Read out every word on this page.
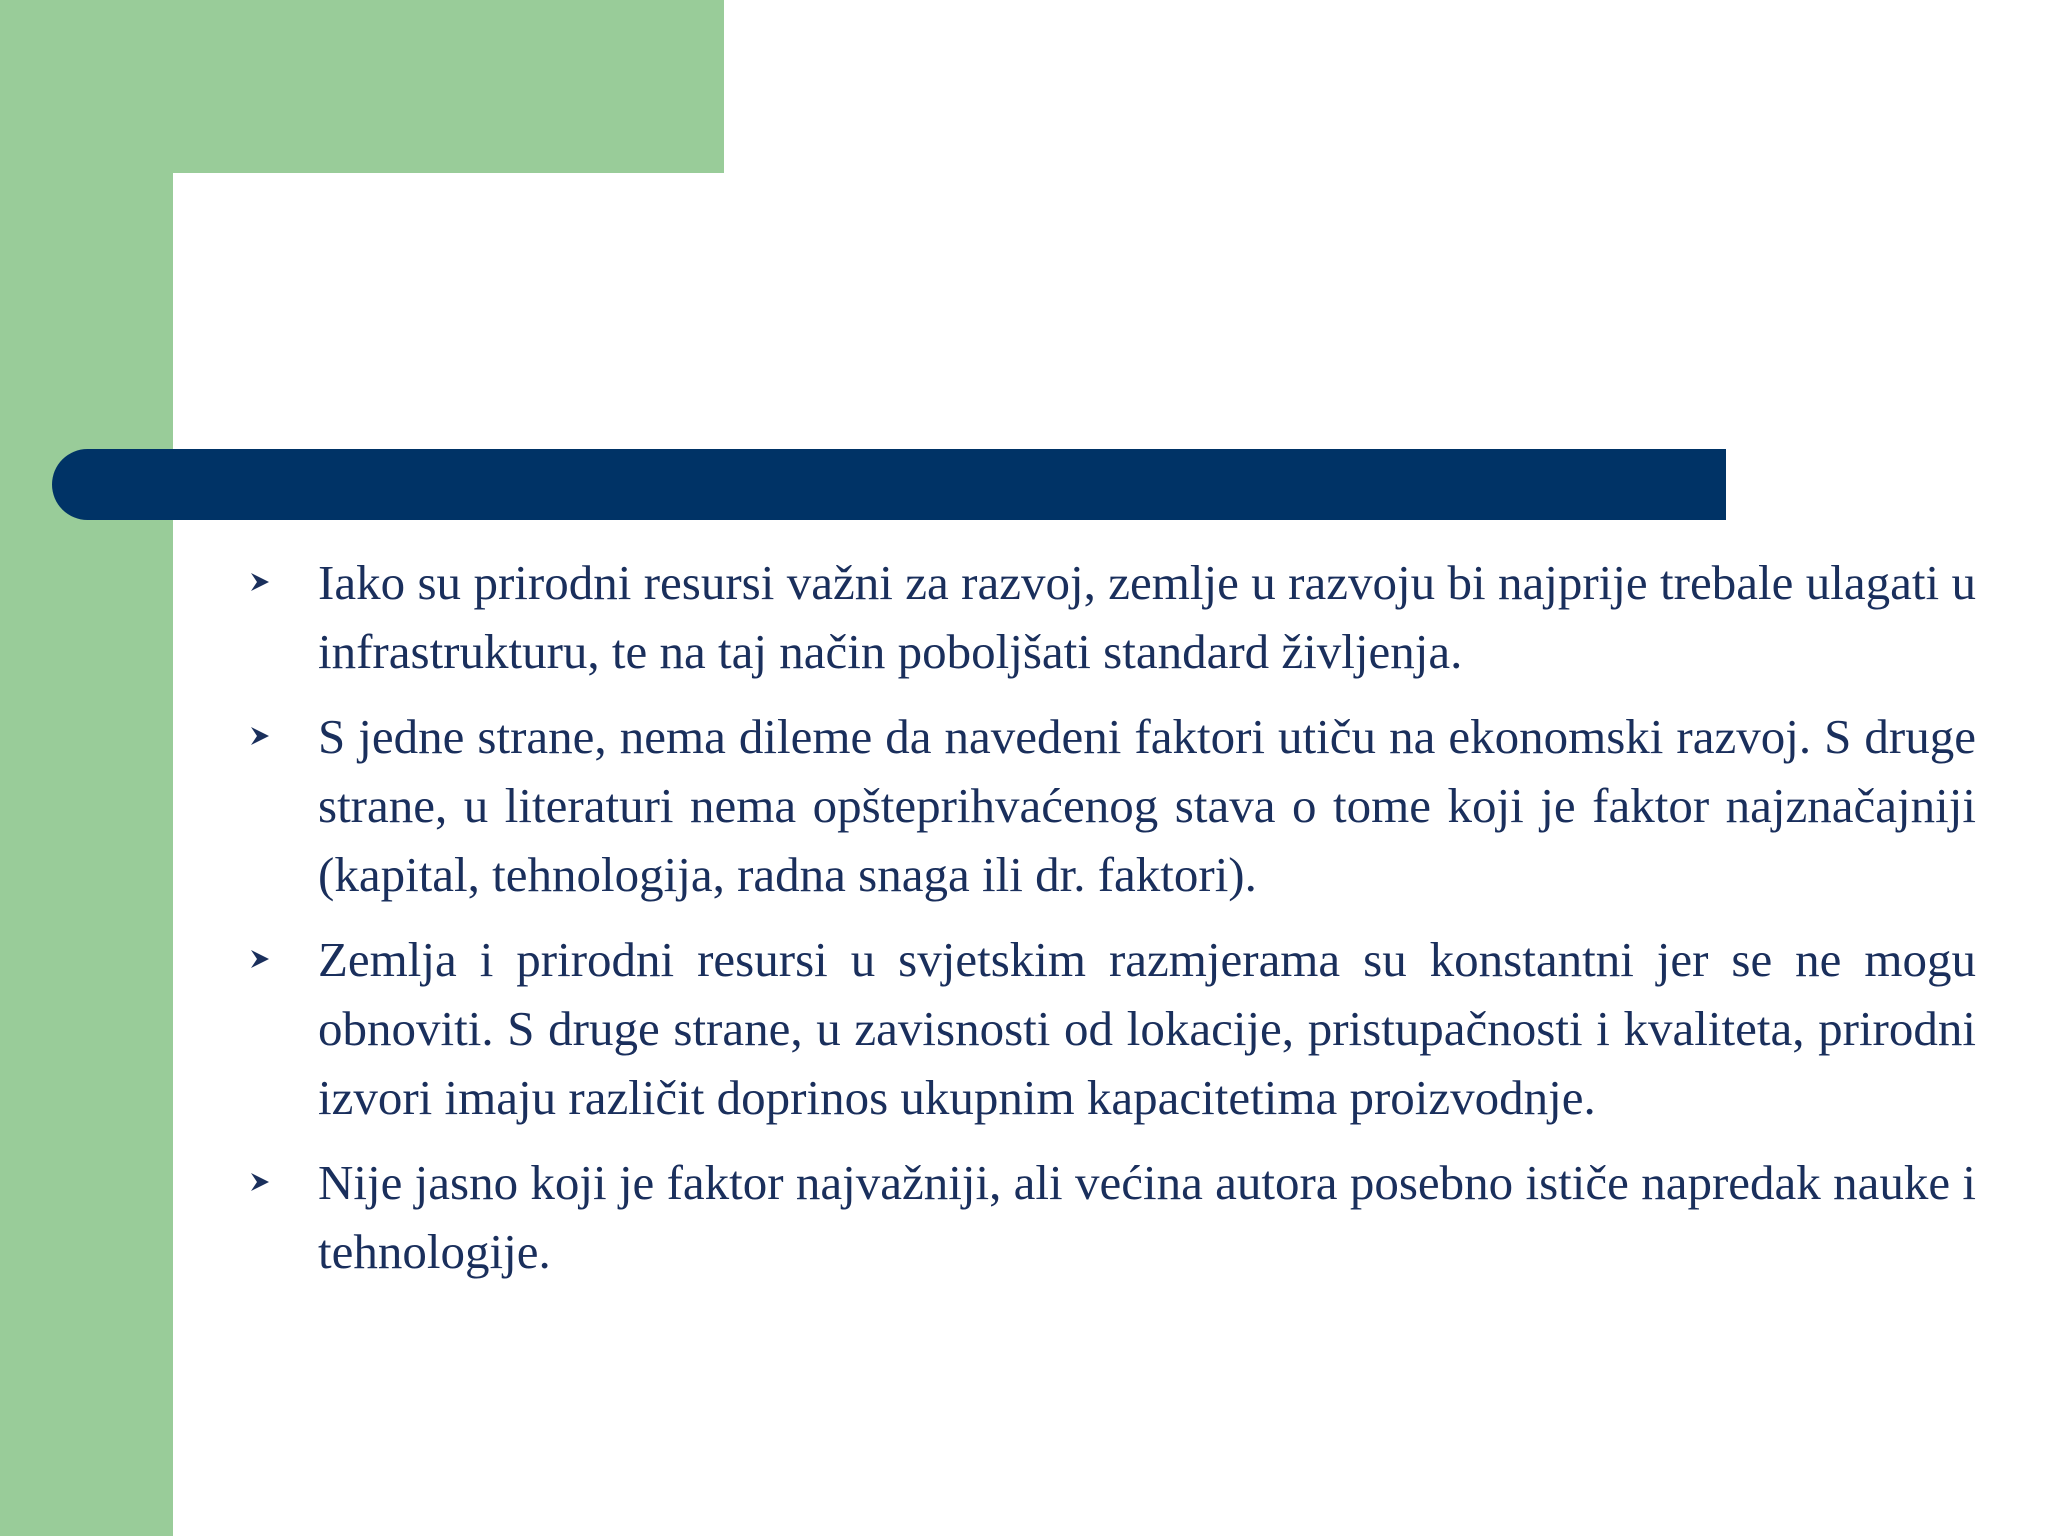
Iako su prirodni resursi važni za razvoj, zemlje u razvoju bi najprije trebale ulagati u infrastrukturu, te na taj način poboljšati standard življenja.

S jedne strane, nema dileme da navedeni faktori utiču na ekonomski razvoj. S druge strane, u literaturi nema opšteprihvaćenog stava o tome koji je faktor najznačajniji (kapital, tehnologija, radna snaga ili dr. faktori).

Zemlja i prirodni resursi u svjetskim razmjerama su konstantni jer se ne mogu obnoviti. S druge strane, u zavisnosti od lokacije, pristupačnosti i kvaliteta, prirodni izvori imaju različit doprinos ukupnim kapacitetima proizvodnje.

Nije jasno koji je faktor najvažniji, ali većina autora posebno ističe napredak nauke i tehnologije.
